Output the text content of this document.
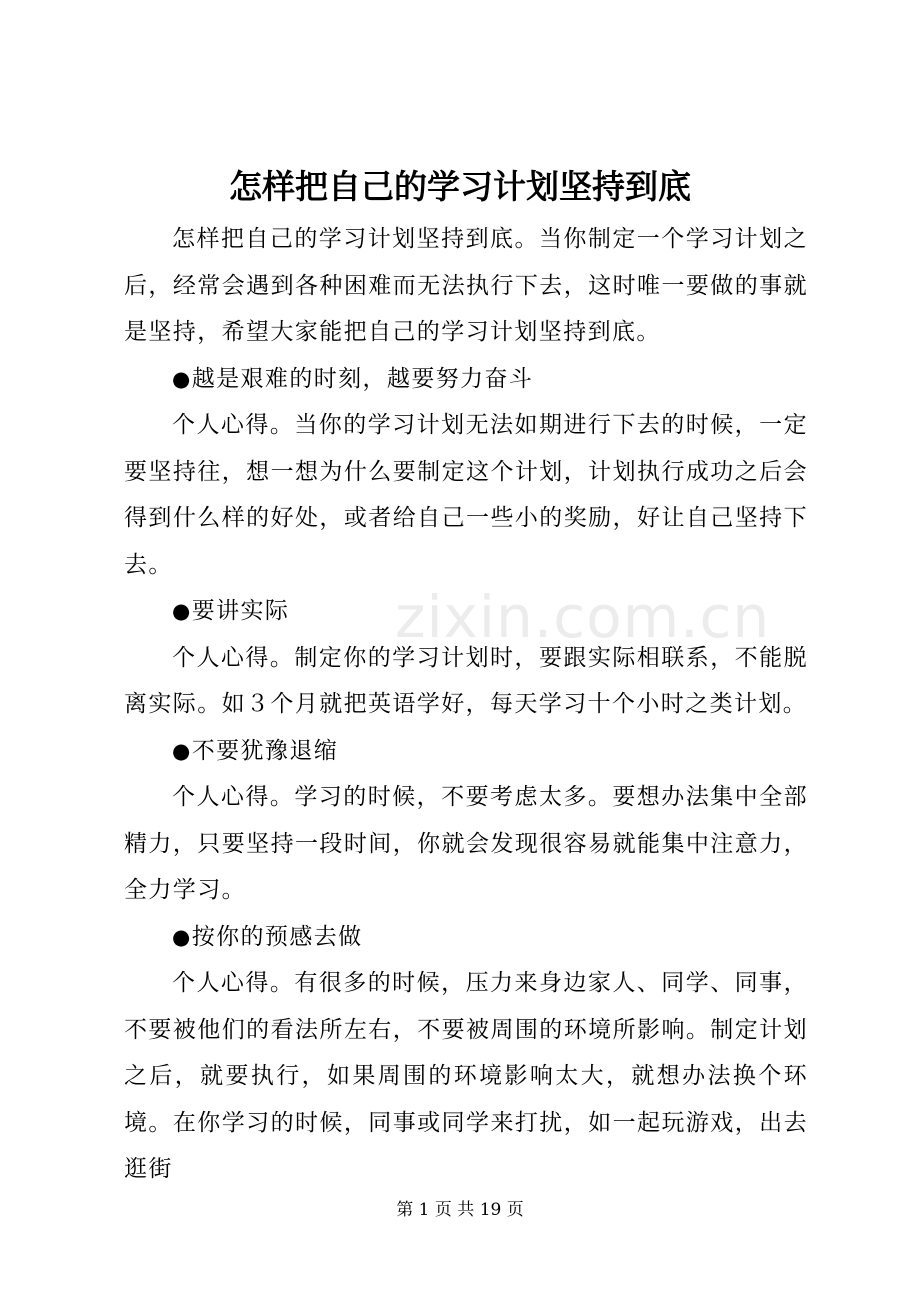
怎样把自己的学习计划坚持到底
zixin.com.cn

怎样把自己的学习计划坚持到底。当你制定一个学习计划之后，经常会遇到各种困难而无法执行下去，这时唯一要做的事就是坚持，希望大家能把自己的学习计划坚持到底。

●越是艰难的时刻，越要努力奋斗

个人心得。当你的学习计划无法如期进行下去的时候，一定要坚持往，想一想为什么要制定这个计划，计划执行成功之后会得到什么样的好处，或者给自己一些小的奖励，好让自己坚持下去。

●要讲实际

个人心得。制定你的学习计划时，要跟实际相联系，不能脱离实际。如３个月就把英语学好，每天学习十个小时之类计划。

●不要犹豫退缩

个人心得。学习的时候，不要考虑太多。要想办法集中全部精力，只要坚持一段时间，你就会发现很容易就能集中注意力，全力学习。

●按你的预感去做

个人心得。有很多的时候，压力来身边家人、同学、同事，不要被他们的看法所左右，不要被周围的环境所影响。制定计划之后，就要执行，如果周围的环境影响太大，就想办法换个环境。在你学习的时候，同事或同学来打扰，如一起玩游戏，出去逛街

第 1 页 共 19 页
